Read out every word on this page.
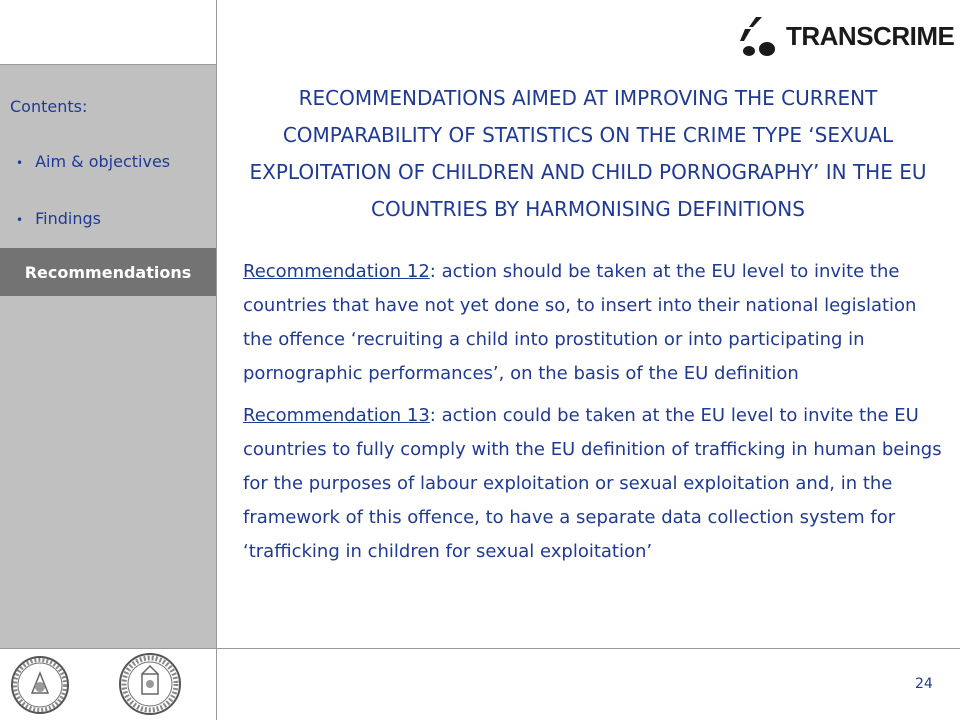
TRANSCRIME
Contents:
• Aim & objectives
• Findings
Recommendations
RECOMMENDATIONS AIMED AT IMPROVING THE CURRENT COMPARABILITY OF STATISTICS ON THE CRIME TYPE ‘SEXUAL EXPLOITATION OF CHILDREN AND CHILD PORNOGRAPHY’ IN THE EU COUNTRIES BY HARMONISING DEFINITIONS

Recommendation 12: action should be taken at the EU level to invite the countries that have not yet done so, to insert into their national legislation the offence ‘recruiting a child into prostitution or into participating in pornographic performances’, on the basis of the EU definition

Recommendation 13: action could be taken at the EU level to invite the EU countries to fully comply with the EU definition of trafficking in human beings for the purposes of labour exploitation or sexual exploitation and, in the framework of this offence, to have a separate data collection system for ‘trafficking in children for sexual exploitation’

24
